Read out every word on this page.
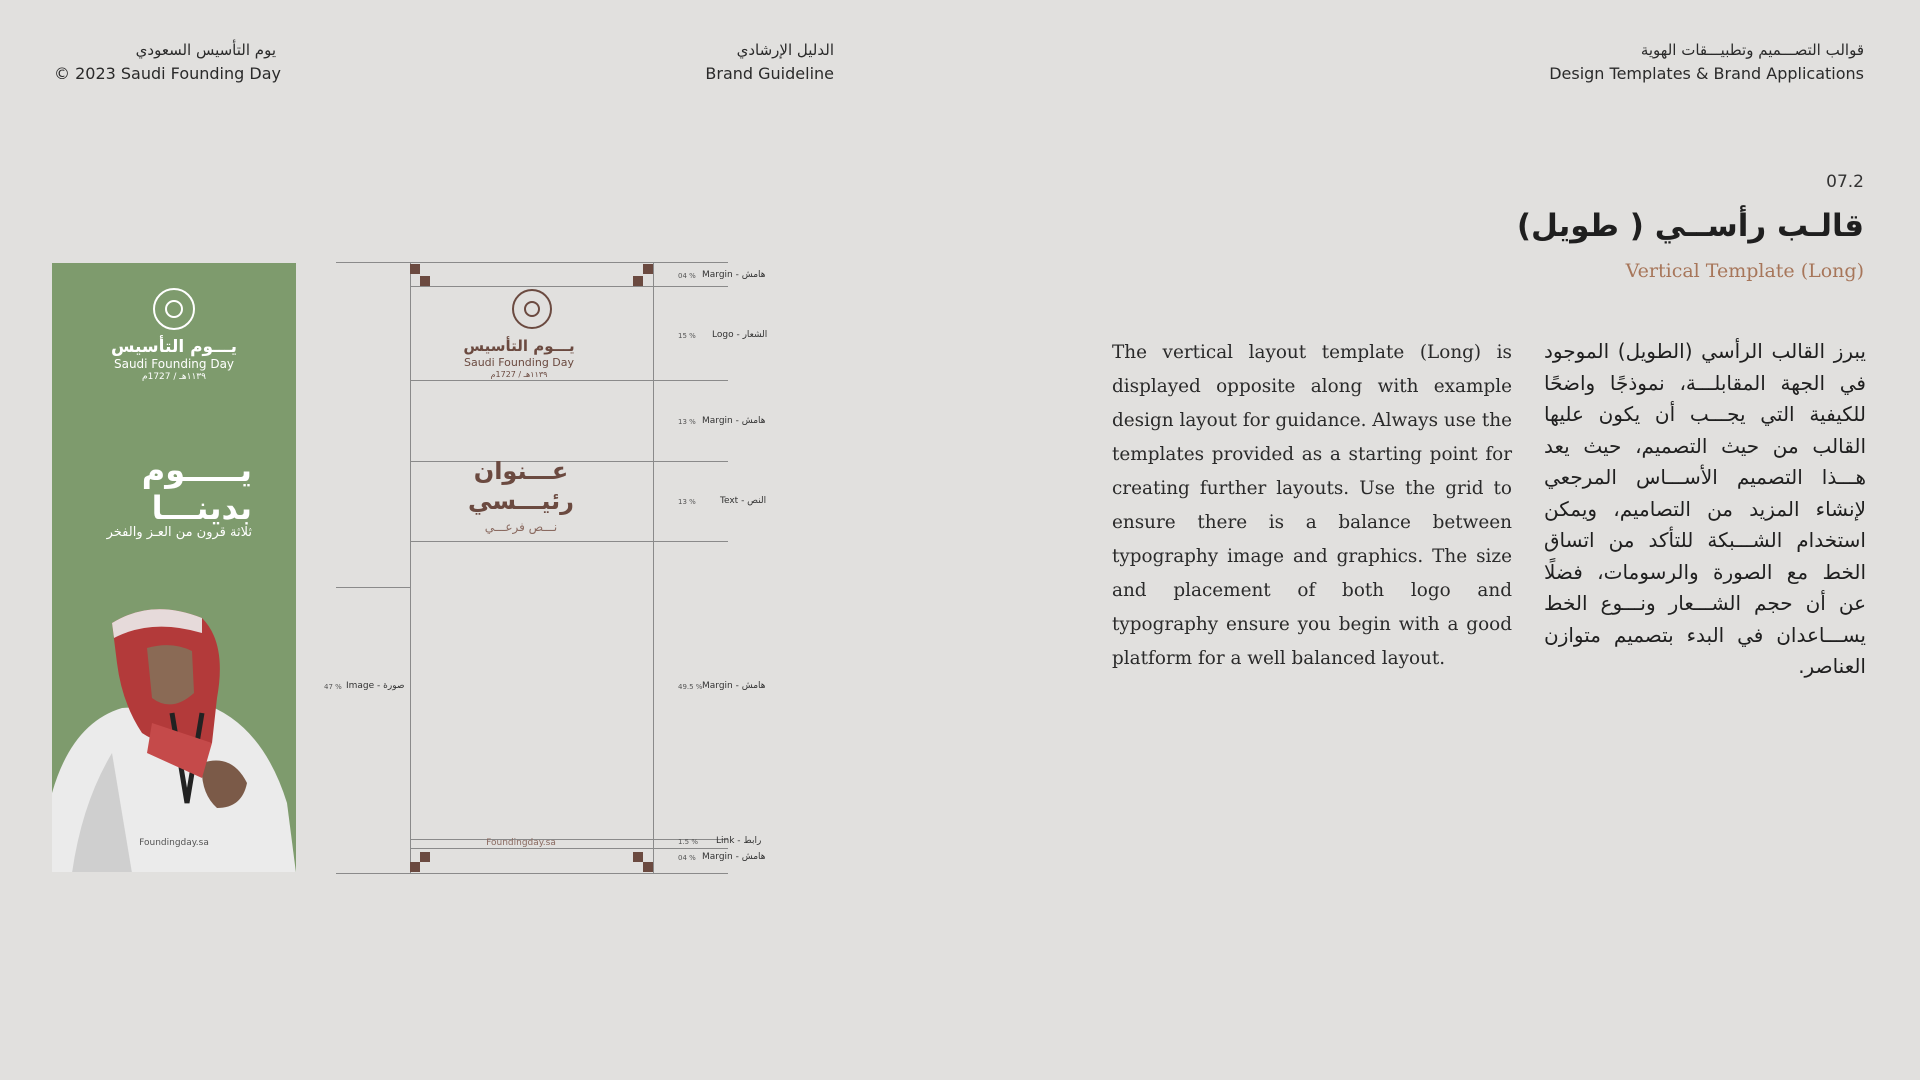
يوم التأسيس السعودي
© 2023 Saudi Founding Day
الدليل الإرشادي
Brand Guideline
قوالب التصـــميم وتطبيـــقات الهوية
Design Templates & Brand Applications
07.2
قالـب رأســي ( طويل)
Vertical Template (Long)
The vertical layout template (Long) is displayed opposite along with example design layout for guidance. Always use the templates provided as a starting point for creating further layouts. Use the grid to ensure there is a balance between typography image and graphics. The size and placement of both logo and typography ensure you begin with a good platform for a well balanced layout.
يبرز القالب الرأسي (الطويل) الموجود في الجهة المقابلـــة، نموذجًا واضحًا للكيفية التي يجـــب أن يكون عليها القالب من حيث التصميم، حيث يعد هـــذا التصميم الأســـاس المرجعي لإنشاء المزيد من التصاميم، ويمكن استخدام الشـــبكة للتأكد من اتساق الخط مع الصورة والرسومات، فضلًا عن أن حجم الشـــعار ونـــوع الخط يســـاعدان في البدء بتصميم متوازن العناصر.
يـــوم التأسيس
Saudi Founding Day
١١٣٩هـ / 1727م
يـــــوم
بدينـــا
ثلاثة قرون من العـز والفخر
Foundingday.sa
يـــوم التأسيس
Saudi Founding Day
١١٣٩هـ / 1727م
عـــنوان
رئيـــسي
نـــص فرعـــي
Foundingday.sa
04 % Margin - هامش
15 % Logo - الشعار
13 % Margin - هامش
13 %	Text - النص
49.5 % Margin - هامش
1.5 % Link - رابط
04 % Margin - هامش
47 % Image - صورة
